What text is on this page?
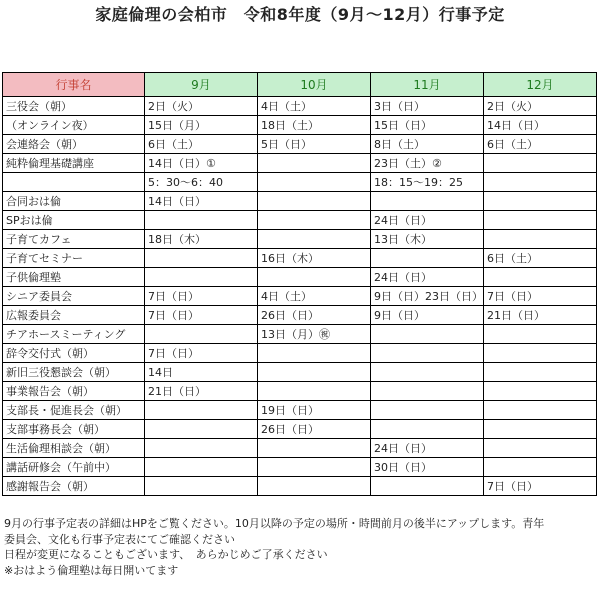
家庭倫理の会柏市　令和8年度（9月～12月）行事予定
行事名	9月	10月	11月	12月
三役会（朝）	2日（火）	4日（土）	3日（日）	2日（火）
（オンライン夜）	15日（月）	18日（土）	15日（日）	14日（日）
会連絡会（朝）	6日（土）	5日（日）	8日（土）	6日（土）
純粋倫理基礎講座	14日（日）①		23日（土）②	
	5：30～6：40		18：15～19：25	
合同おは倫	14日（日）			
SPおは倫			24日（日）	
子育てカフェ	18日（木）		13日（木）	
子育てセミナー		16日（木）		6日（土）
子供倫理塾			24日（日）	
シニア委員会	7日（日）	4日（土）	9日（日）23日（日）	7日（日）
広報委員会	7日（日）	26日（日）	9日（日）	21日（日）
チアホースミーティング		13日（月）㊗		
辞令交付式（朝）	7日（日）			
新旧三役懇談会（朝）	14日			
事業報告会（朝）	21日（日）			
支部長・促進長会（朝）		19日（日）		
支部事務長会（朝）		26日（日）		
生活倫理相談会（朝）			24日（日）	
講話研修会（午前中）			30日（日）	
感謝報告会（朝）				7日（日）
9月の行事予定表の詳細はHPをご覧ください。10月以降の予定の場所・時間前月の後半にアップします。青年
委員会、文化も行事予定表にてご確認ください
日程が変更になることもございます、　あらかじめご了承ください
※おはよう倫理塾は毎日開いてます
